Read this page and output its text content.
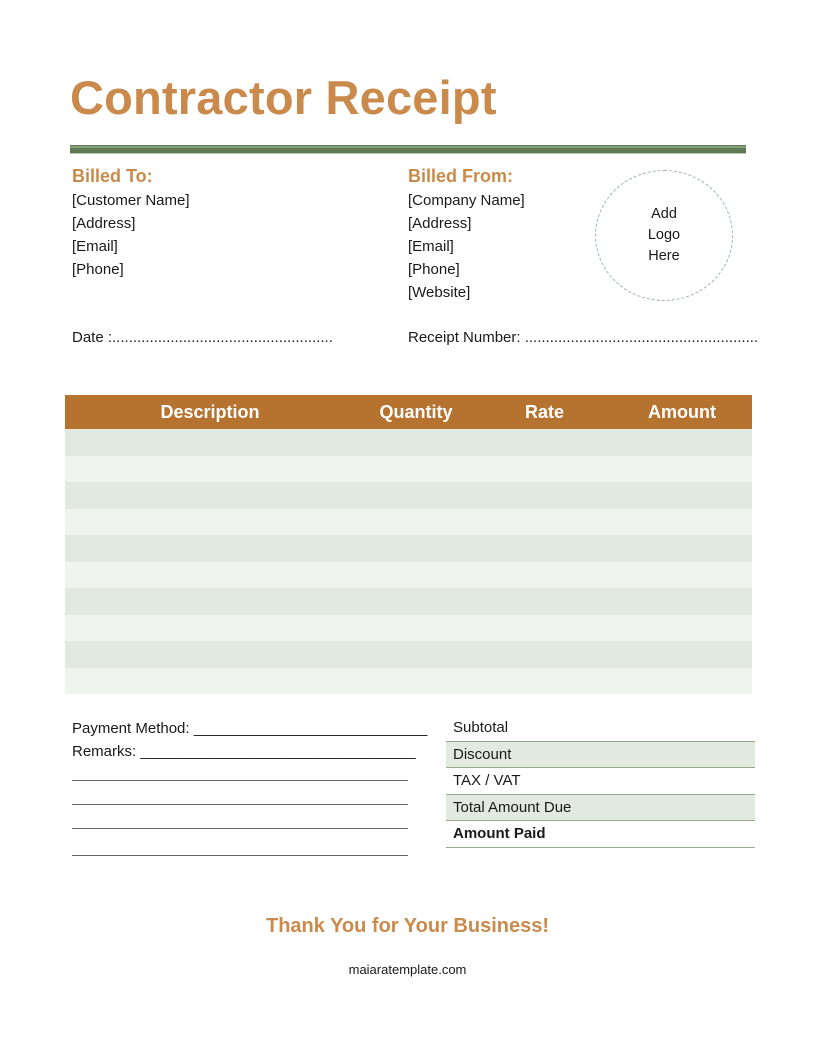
Contractor Receipt
Billed To:
[Customer Name]
[Address]
[Email]
[Phone]
Billed From:
[Company Name]
[Address]
[Email]
[Phone]
[Website]
Add
Logo
Here
Date :.....................................................	Receipt Number: ........................................................
Description	Quantity	Rate	Amount

Payment Method: ____________________________
Remarks: _________________________________
Subtotal
Discount
TAX / VAT
Total Amount Due
Amount Paid
Thank You for Your Business!
maiaratemplate.com
